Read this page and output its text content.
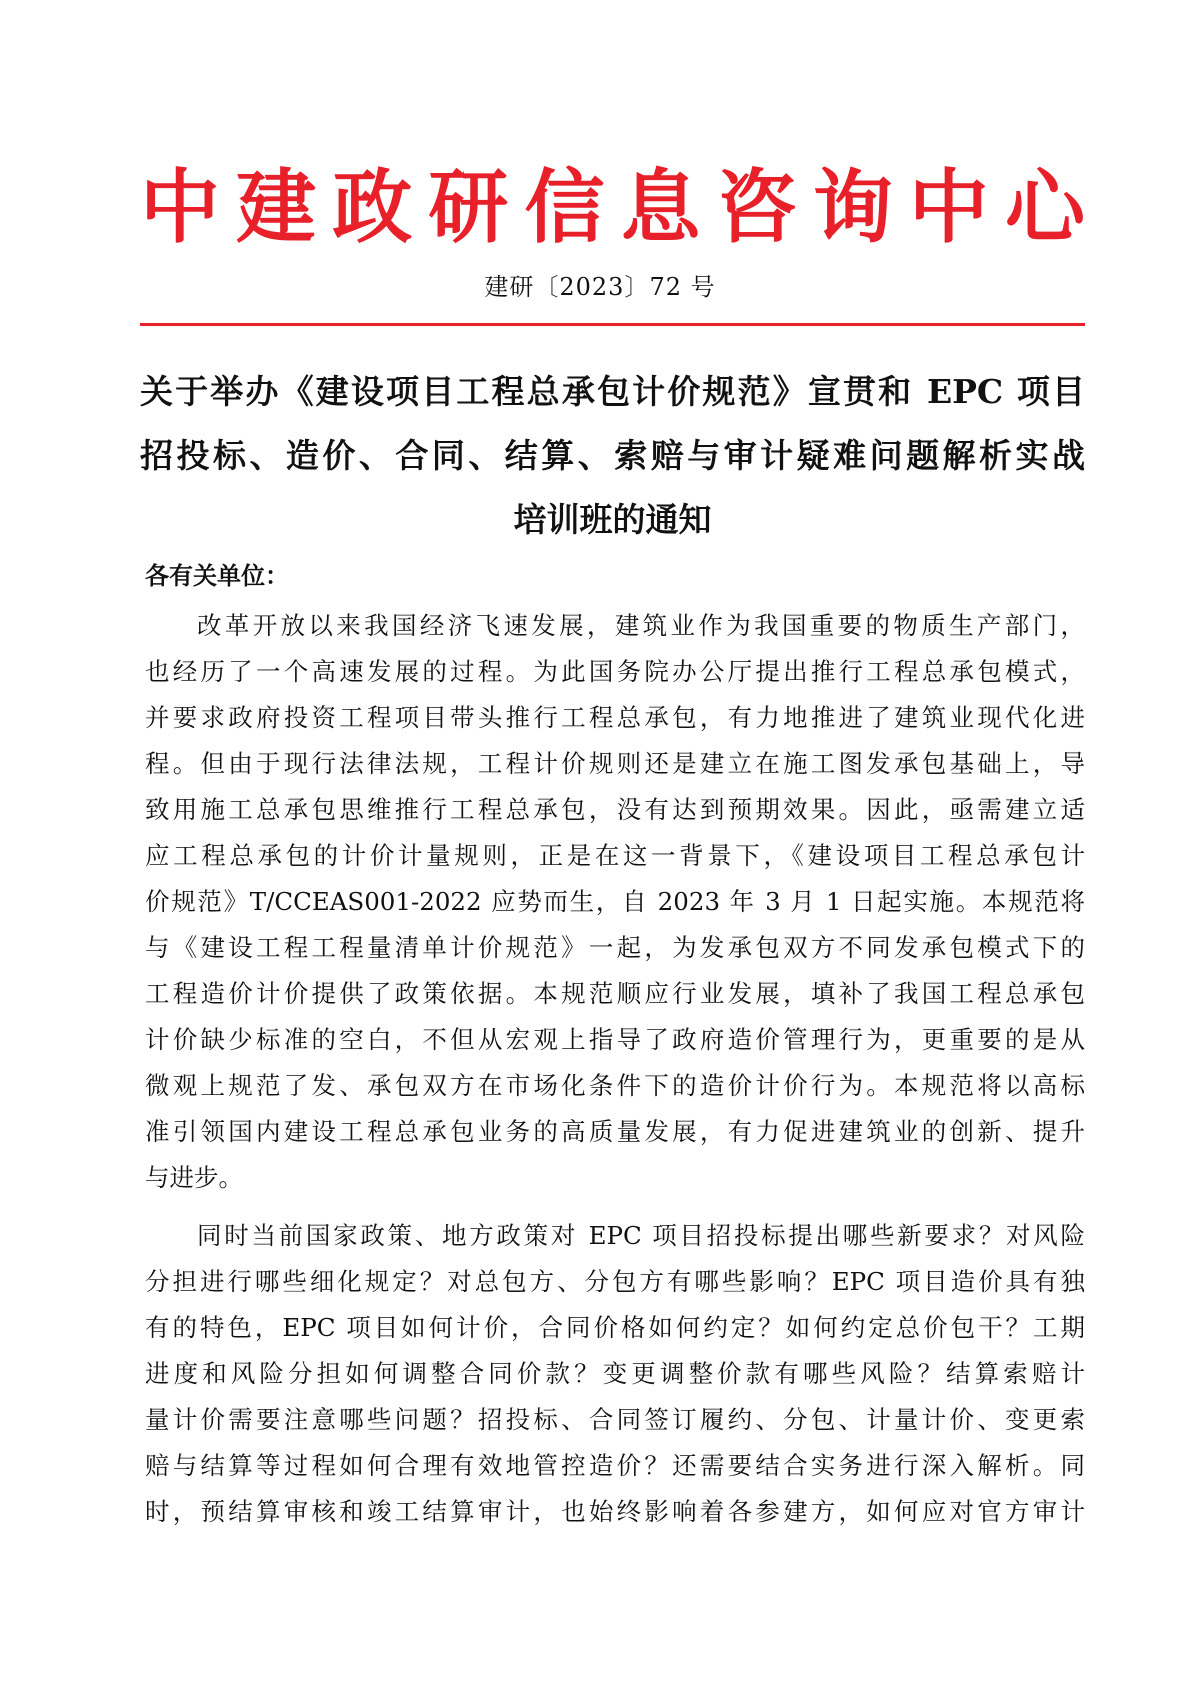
中 建 政 研 信 息 咨 询 中 心
建研〔2023〕72 号
关于举办《建设项目工程总承包计价规范》宣贯和 EPC 项目
招投标、造价、合同、结算、索赔与审计疑难问题解析实战
培训班的通知
各有关单位：
改革开放以来我国经济飞速发展，建筑业作为我国重要的物质生产部门，
也经历了一个高速发展的过程。为此国务院办公厅提出推行工程总承包模式，
并要求政府投资工程项目带头推行工程总承包，有力地推进了建筑业现代化进
程。但由于现行法律法规，工程计价规则还是建立在施工图发承包基础上，导
致用施工总承包思维推行工程总承包，没有达到预期效果。因此，亟需建立适
应工程总承包的计价计量规则，正是在这一背景下，《建设项目工程总承包计
价规范》T/CCEAS001-2022 应势而生，自 2023 年 3 月 1 日起实施。本规范将
与《建设工程工程量清单计价规范》一起，为发承包双方不同发承包模式下的
工程造价计价提供了政策依据。本规范顺应行业发展，填补了我国工程总承包
计价缺少标准的空白，不但从宏观上指导了政府造价管理行为，更重要的是从
微观上规范了发、承包双方在市场化条件下的造价计价行为。本规范将以高标
准引领国内建设工程总承包业务的高质量发展，有力促进建筑业的创新、提升
与进步。
同时当前国家政策、地方政策对 EPC 项目招投标提出哪些新要求？对风险
分担进行哪些细化规定？对总包方、分包方有哪些影响？EPC 项目造价具有独
有的特色，EPC 项目如何计价，合同价格如何约定？如何约定总价包干？工期
进度和风险分担如何调整合同价款？变更调整价款有哪些风险？结算索赔计
量计价需要注意哪些问题？招投标、合同签订履约、分包、计量计价、变更索
赔与结算等过程如何合理有效地管控造价？还需要结合实务进行深入解析。同
时，预结算审核和竣工结算审计，也始终影响着各参建方，如何应对官方审计
